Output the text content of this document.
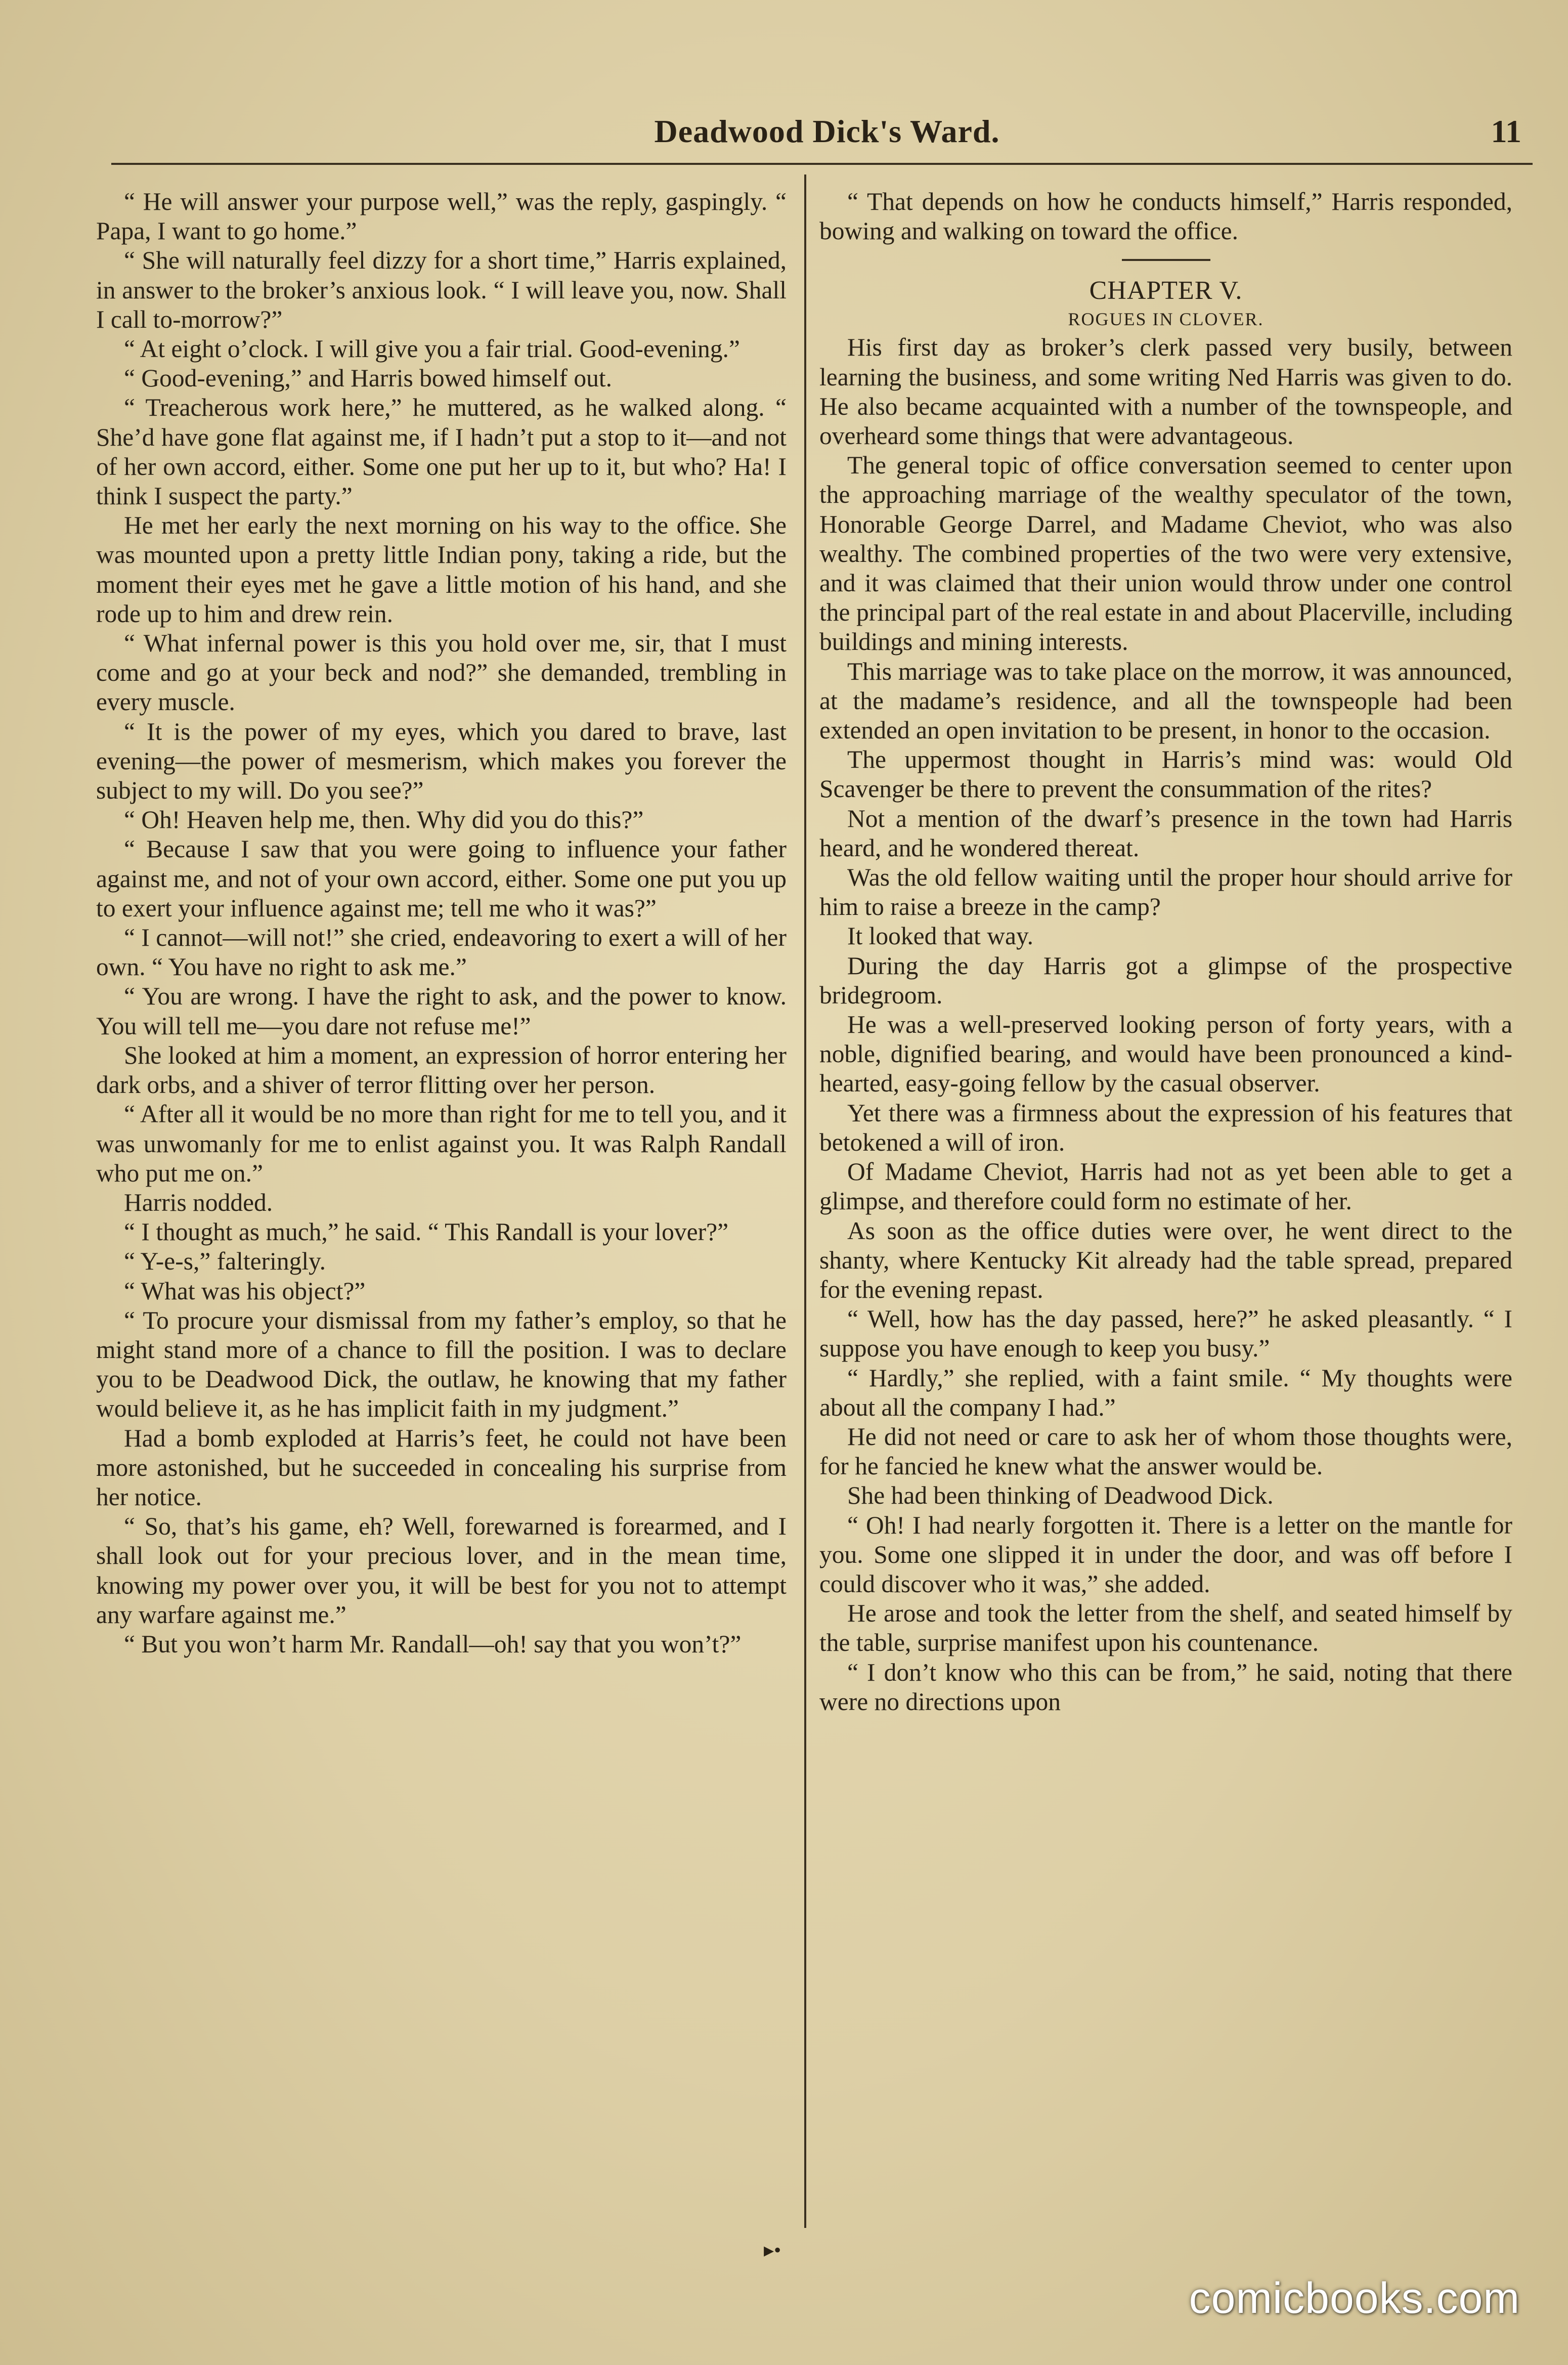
Deadwood Dick's Ward.	11

“ He will answer your purpose well,” was the reply, gaspingly. “ Papa, I want to go home.”

“ She will naturally feel dizzy for a short time,” Harris explained, in answer to the broker’s anxious look. “ I will leave you, now. Shall I call to-morrow?”

“ At eight o’clock. I will give you a fair trial. Good-evening.”

“ Good-evening,” and Harris bowed himself out.

“ Treacherous work here,” he muttered, as he walked along. “ She’d have gone flat against me, if I hadn’t put a stop to it—and not of her own accord, either. Some one put her up to it, but who? Ha! I think I suspect the party.”

He met her early the next morning on his way to the office. She was mounted upon a pretty little Indian pony, taking a ride, but the moment their eyes met he gave a little motion of his hand, and she rode up to him and drew rein.

“ What infernal power is this you hold over me, sir, that I must come and go at your beck and nod?” she demanded, trembling in every muscle.

“ It is the power of my eyes, which you dared to brave, last evening—the power of mesmerism, which makes you forever the subject to my will. Do you see?”

“ Oh! Heaven help me, then. Why did you do this?”

“ Because I saw that you were going to influence your father against me, and not of your own accord, either. Some one put you up to exert your influence against me; tell me who it was?”

“ I cannot—will not!” she cried, endeavoring to exert a will of her own. “ You have no right to ask me.”

“ You are wrong. I have the right to ask, and the power to know. You will tell me—you dare not refuse me!”

She looked at him a moment, an expression of horror entering her dark orbs, and a shiver of terror flitting over her person.

“ After all it would be no more than right for me to tell you, and it was unwomanly for me to enlist against you. It was Ralph Randall who put me on.”

Harris nodded.

“ I thought as much,” he said. “ This Randall is your lover?”

“ Y-e-s,” falteringly.

“ What was his object?”

“ To procure your dismissal from my father’s employ, so that he might stand more of a chance to fill the position. I was to declare you to be Deadwood Dick, the outlaw, he knowing that my father would believe it, as he has implicit faith in my judgment.”

Had a bomb exploded at Harris’s feet, he could not have been more astonished, but he succeeded in concealing his surprise from her notice.

“ So, that’s his game, eh? Well, forewarned is forearmed, and I shall look out for your precious lover, and in the mean time, knowing my power over you, it will be best for you not to attempt any warfare against me.”

“ But you won’t harm Mr. Randall—oh! say that you won’t?”

“ That depends on how he conducts himself,” Harris responded, bowing and walking on toward the office.

CHAPTER V.
ROGUES IN CLOVER.

His first day as broker’s clerk passed very busily, between learning the business, and some writing Ned Harris was given to do. He also became acquainted with a number of the townspeople, and overheard some things that were advantageous.

The general topic of office conversation seemed to center upon the approaching marriage of the wealthy speculator of the town, Honorable George Darrel, and Madame Cheviot, who was also wealthy. The combined properties of the two were very extensive, and it was claimed that their union would throw under one control the principal part of the real estate in and about Placerville, including buildings and mining interests.

This marriage was to take place on the morrow, it was announced, at the madame’s residence, and all the townspeople had been extended an open invitation to be present, in honor to the occasion.

The uppermost thought in Harris’s mind was: would Old Scavenger be there to prevent the consummation of the rites?

Not a mention of the dwarf’s presence in the town had Harris heard, and he wondered thereat.

Was the old fellow waiting until the proper hour should arrive for him to raise a breeze in the camp?

It looked that way.

During the day Harris got a glimpse of the prospective bridegroom.

He was a well-preserved looking person of forty years, with a noble, dignified bearing, and would have been pronounced a kind-hearted, easy-going fellow by the casual observer.

Yet there was a firmness about the expression of his features that betokened a will of iron.

Of Madame Cheviot, Harris had not as yet been able to get a glimpse, and therefore could form no estimate of her.

As soon as the office duties were over, he went direct to the shanty, where Kentucky Kit already had the table spread, prepared for the evening repast.

“ Well, how has the day passed, here?” he asked pleasantly. “ I suppose you have enough to keep you busy.”

“ Hardly,” she replied, with a faint smile. “ My thoughts were about all the company I had.”

He did not need or care to ask her of whom those thoughts were, for he fancied he knew what the answer would be.

She had been thinking of Deadwood Dick.

“ Oh! I had nearly forgotten it. There is a letter on the mantle for you. Some one slipped it in under the door, and was off before I could discover who it was,” she added.

He arose and took the letter from the shelf, and seated himself by the table, surprise manifest upon his countenance.

“ I don’t know who this can be from,” he said, noting that there were no directions upon

▸•
comicbooks.com
